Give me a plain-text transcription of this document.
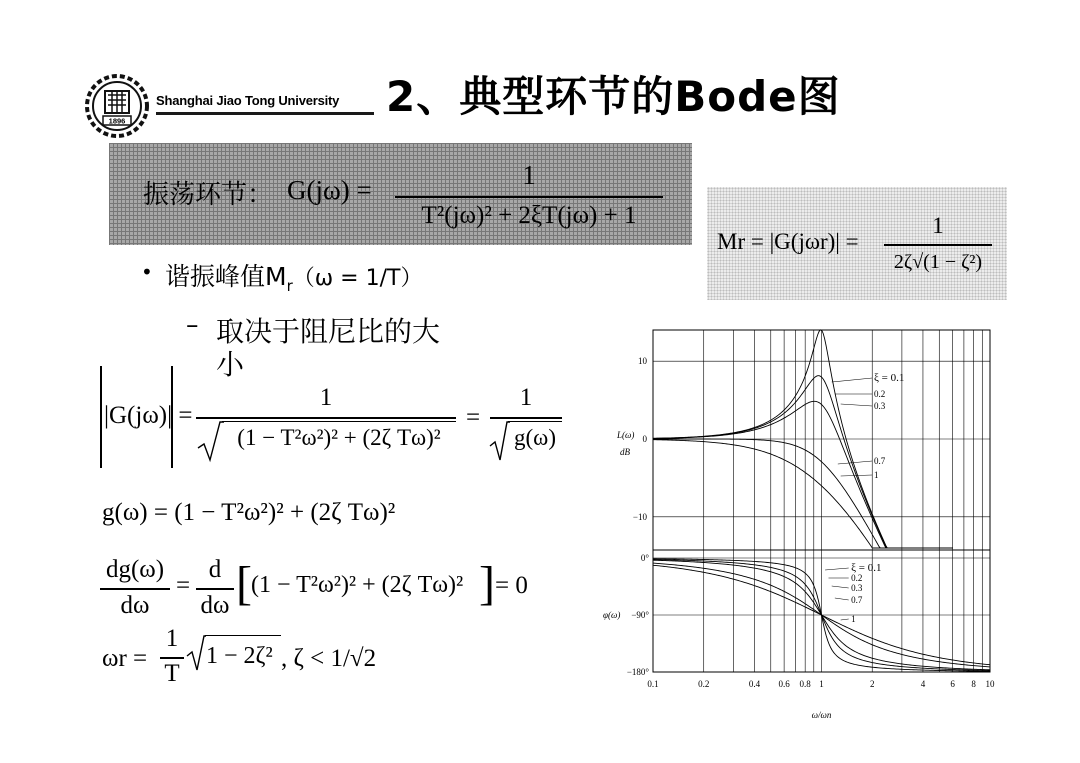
1896
Shanghai Jiao Tong University 2、典型环节的Bode图
振荡环节： G(jω) =	1
T²(jω)² + 2ξT(jω) + 1
Mr = |G(jωr)| =
1
2ζ√(1 − ζ²)
• 谐振峰值$M_r(\omega = 1/T)$
– 取决于阻尼比的大
小
|G(jω)| =
1
(1 − T²ω²)² + (2ζ Tω)²
=
1
g(ω)
g(ω) = (1 − T²ω²)² + (2ζ Tω)²
dg(ω)
dω
=
d
dω [ (1 − T²ω²)² + (2ζ Tω)² ] = 0
ωr =
1
T
1 − 2ζ² , ζ < 1/√2
10
0
−10
0°
−90°
−180°
0.1	0.2	0.4 0.6 0.8 1	2	4	6 8 10
L(ω)
dB
φ(ω)
ω/ωn
ξ = 0.1
0.2
0.3
0.7
1
ξ = 0.1
0.2
0.3
0.7
1
